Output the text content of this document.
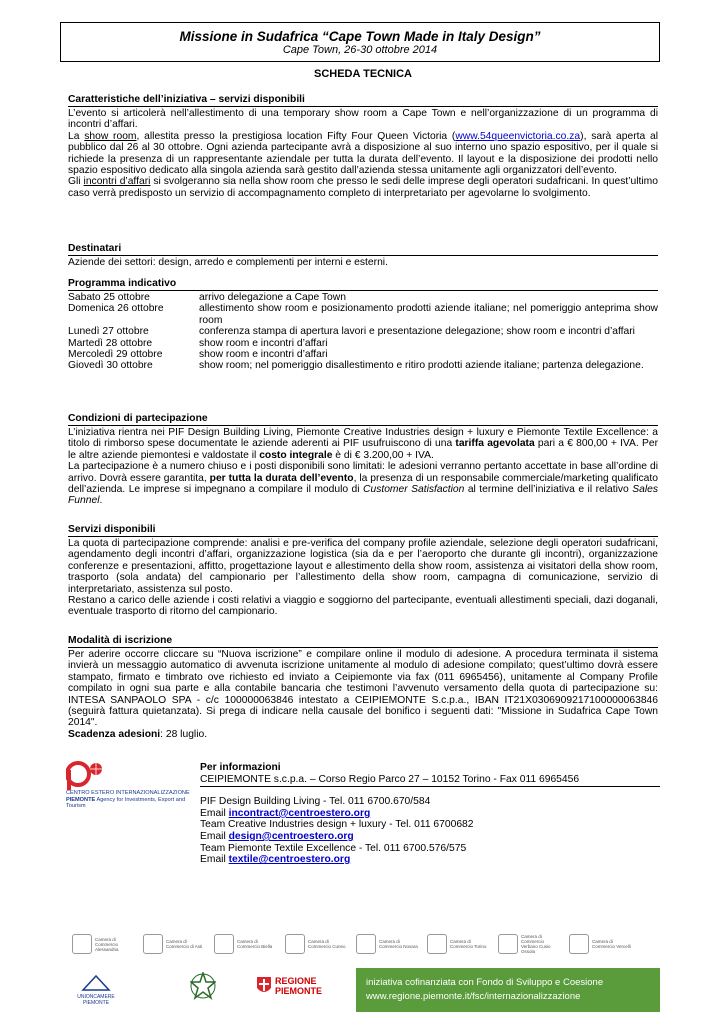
Missione in Sudafrica “Cape Town Made in Italy Design”
Cape Town, 26-30 ottobre 2014
SCHEDA TECNICA
Caratteristiche dell’iniziativa – servizi disponibili

L’evento si articolerà nell’allestimento di una temporary show room a Cape Town e nell’organizzazione di un programma di incontri d’affari.

La show room, allestita presso la prestigiosa location Fifty Four Queen Victoria (www.54queenvictoria.co.za), sarà aperta al pubblico dal 26 al 30 ottobre. Ogni azienda partecipante avrà a disposizione al suo interno uno spazio espositivo, per il quale si richiede la presenza di un rappresentante aziendale per tutta la durata dell’evento. Il layout e la disposizione dei prodotti nello spazio espositivo dedicato alla singola azienda sarà gestito dall’azienda stessa unitamente agli organizzatori dell’evento.

Gli incontri d’affari si svolgeranno sia nella show room che presso le sedi delle imprese degli operatori sudafricani. In quest’ultimo caso verrà predisposto un servizio di accompagnamento completo di interpretariato per agevolarne lo svolgimento.

Destinatari

Aziende dei settori: design, arredo e complementi per interni e esterni.

Programma indicativo
Sabato 25 ottobre	arrivo delegazione a Cape Town
Domenica 26 ottobre	allestimento show room e posizionamento prodotti aziende italiane; nel pomeriggio anteprima show room
Lunedì 27 ottobre	conferenza stampa di apertura lavori e presentazione delegazione; show room e incontri d’affari
Martedì 28 ottobre	show room e incontri d’affari
Mercoledì 29 ottobre	show room e incontri d’affari
Giovedì 30 ottobre	show room; nel pomeriggio disallestimento e ritiro prodotti aziende italiane; partenza delegazione.
Condizioni di partecipazione

L’iniziativa rientra nei PIF Design Building Living, Piemonte Creative Industries design + luxury e Piemonte Textile Excellence: a titolo di rimborso spese documentate le aziende aderenti ai PIF usufruiscono di una tariffa agevolata pari a € 800,00 + IVA. Per le altre aziende piemontesi e valdostate il costo integrale è di € 3.200,00 + IVA.

La partecipazione è a numero chiuso e i posti disponibili sono limitati: le adesioni verranno pertanto accettate in base all’ordine di arrivo. Dovrà essere garantita, per tutta la durata dell’evento, la presenza di un responsabile commerciale/marketing qualificato dell’azienda. Le imprese si impegnano a compilare il modulo di Customer Satisfaction al termine dell’iniziativa e il relativo Sales Funnel.

Servizi disponibili

La quota di partecipazione comprende: analisi e pre-verifica del company profile aziendale, selezione degli operatori sudafricani, agendamento degli incontri d’affari, organizzazione logistica (sia da e per l’aeroporto che durante gli incontri), organizzazione conferenze e presentazioni, affitto, progettazione layout e allestimento della show room, assistenza ai visitatori della show room, trasporto (sola andata) del campionario per l’allestimento della show room, campagna di comunicazione, servizio di interpretariato, assistenza sul posto.

Restano a carico delle aziende i costi relativi a viaggio e soggiorno del partecipante, eventuali allestimenti speciali, dazi doganali, eventuale trasporto di ritorno del campionario.

Modalità di iscrizione

Per aderire occorre cliccare su “Nuova iscrizione” e compilare online il modulo di adesione. A procedura terminata il sistema invierà un messaggio automatico di avvenuta iscrizione unitamente al modulo di adesione compilato; quest’ultimo dovrà essere stampato, firmato e timbrato ove richiesto ed inviato a Ceipiemonte via fax (011 6965456), unitamente al Company Profile compilato in ogni sua parte e alla contabile bancaria che testimoni l’avvenuto versamento della quota di partecipazione su: INTESA SANPAOLO SPA - c/c 100000063846 intestato a CEIPIEMONTE S.c.p.a., IBAN IT21X0306909217100000063846 (seguirà fattura quietanzata). Si prega di indicare nella causale del bonifico i seguenti dati: "Missione in Sudafrica Cape Town 2014".

Scadenza adesioni: 28 luglio.

CENTRO ESTERO INTERNAZIONALIZZAZIONE
PIEMONTE Agency for Investments, Export and Tourism
Per informazioni
CEIPIEMONTE s.c.p.a. – Corso Regio Parco 27 – 10152 Torino - Fax 011 6965456
PIF Design Building Living - Tel. 011 6700.670/584
Email incontract@centroestero.org
Team Creative Industries design + luxury - Tel. 011 6700682
Email design@centroestero.org
Team Piemonte Textile Excellence - Tel. 011 6700.576/575
Email textile@centroestero.org
Camera di Commercio Alessandria
Camera di Commercio di Asti
Camera di Commercio Biella
Camera di Commercio Cuneo
Camera di Commercio Novara
Camera di Commercio Torino
Camera di Commercio Verbano Cusio Ossola
Camera di Commercio Vercelli
UNIONCAMERE PIEMONTE
REGIONE PIEMONTE
iniziativa cofinanziata con Fondo di Sviluppo e Coesione
www.regione.piemonte.it/fsc/internazionalizzazione
